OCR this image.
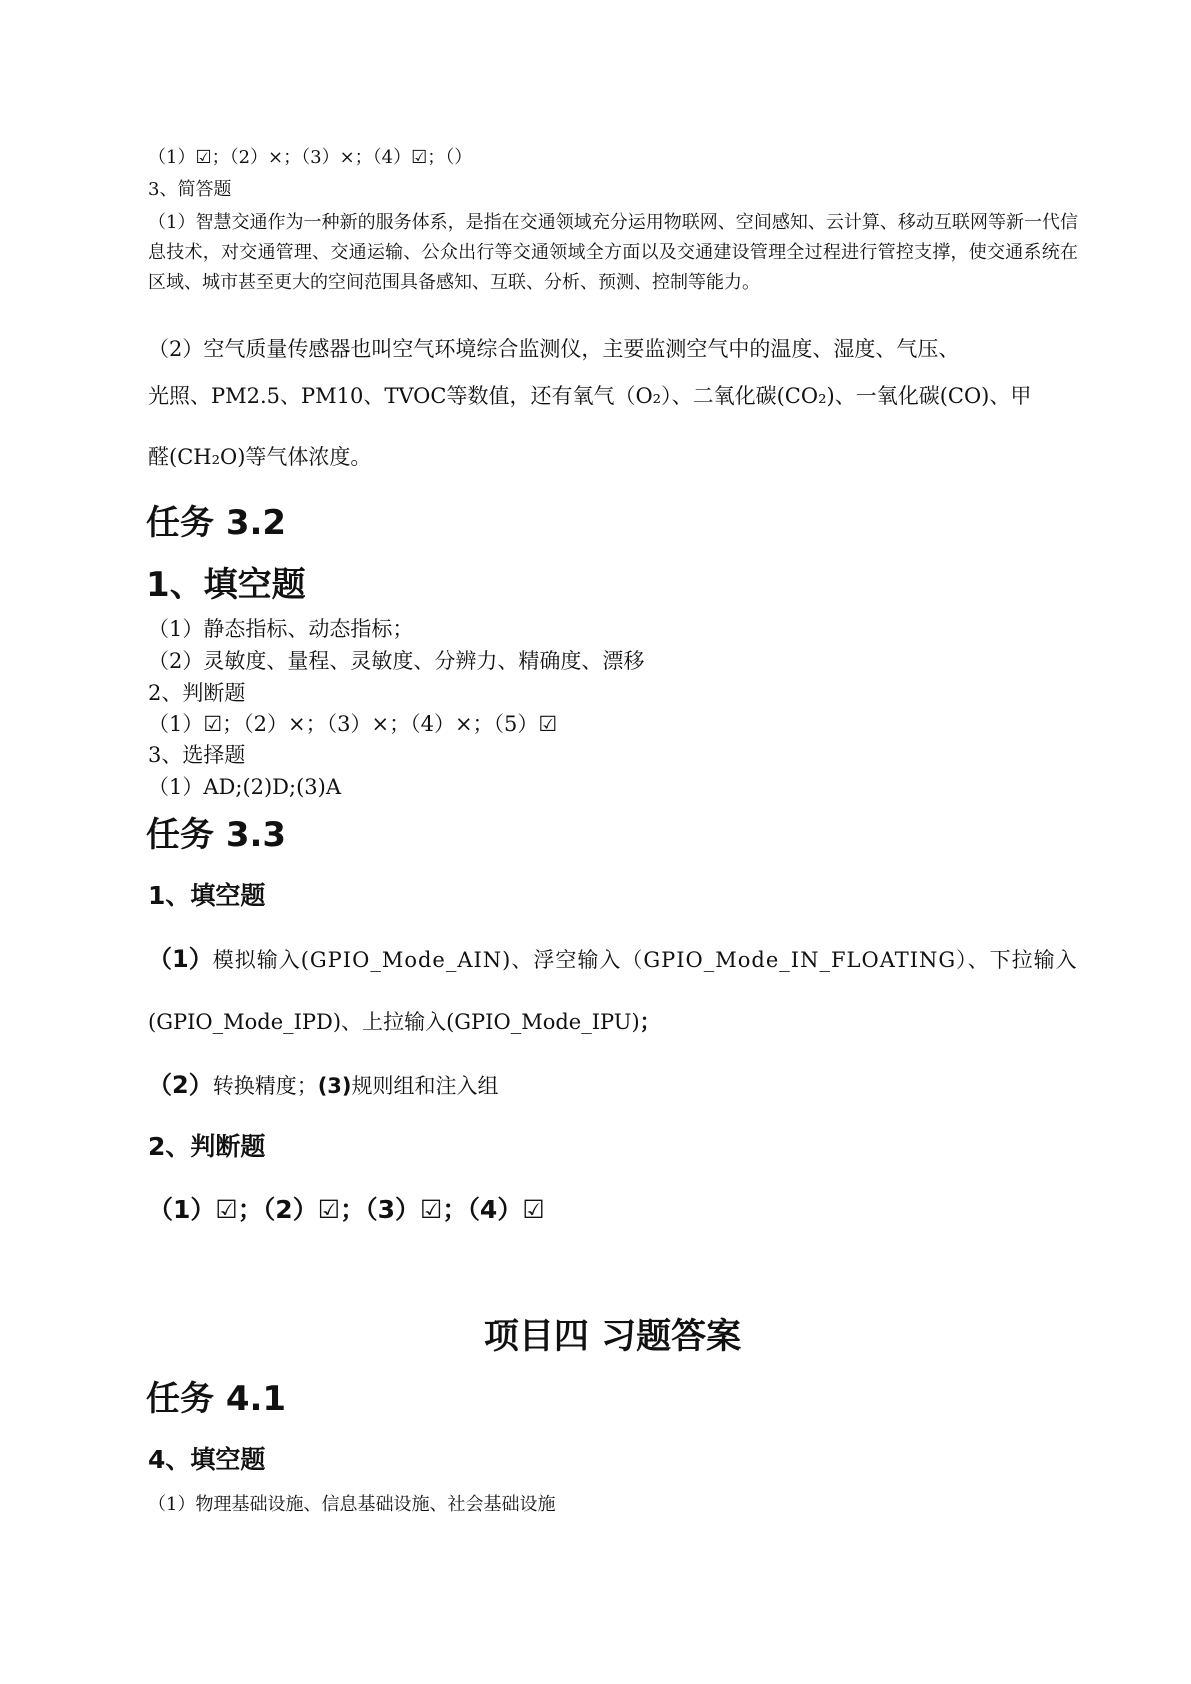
（1）☑；（2）×；（3）×；（4）☑；（）
3、简答题
（1）智慧交通作为一种新的服务体系，是指在交通领域充分运用物联网、空间感知、云计算、移动互联网等新一代信息技术，对交通管理、交通运输、公众出行等交通领域全方面以及交通建设管理全过程进行管控支撑，使交通系统在区域、城市甚至更大的空间范围具备感知、互联、分析、预测、控制等能力。
（2）空气质量传感器也叫空气环境综合监测仪，主要监测空气中的温度、湿度、气压、
光照、PM2.5、PM10、TVOC等数值，还有氧气（O₂）、二氧化碳(CO₂)、一氧化碳(CO)、甲
醛(CH₂O)等气体浓度。
任务 3.2
1、填空题
（1）静态指标、动态指标；
（2）灵敏度、量程、灵敏度、分辨力、精确度、漂移
2、判断题
（1）☑；（2）×；（3）×；（4）×；（5）☑
3、选择题
（1）AD;(2)D;(3)A
任务 3.3
1、填空题
（1）模拟输入(GPIO_Mode_AIN)、浮空输入（GPIO_Mode_IN_FLOATING）、下拉输入
(GPIO_Mode_IPD)、上拉输入(GPIO_Mode_IPU)；
（2）转换精度；(3)规则组和注入组
2、判断题
（1）☑；（2）☑；（3）☑；（4）☑
项目四 习题答案
任务 4.1
4、填空题
（1）物理基础设施、信息基础设施、社会基础设施
